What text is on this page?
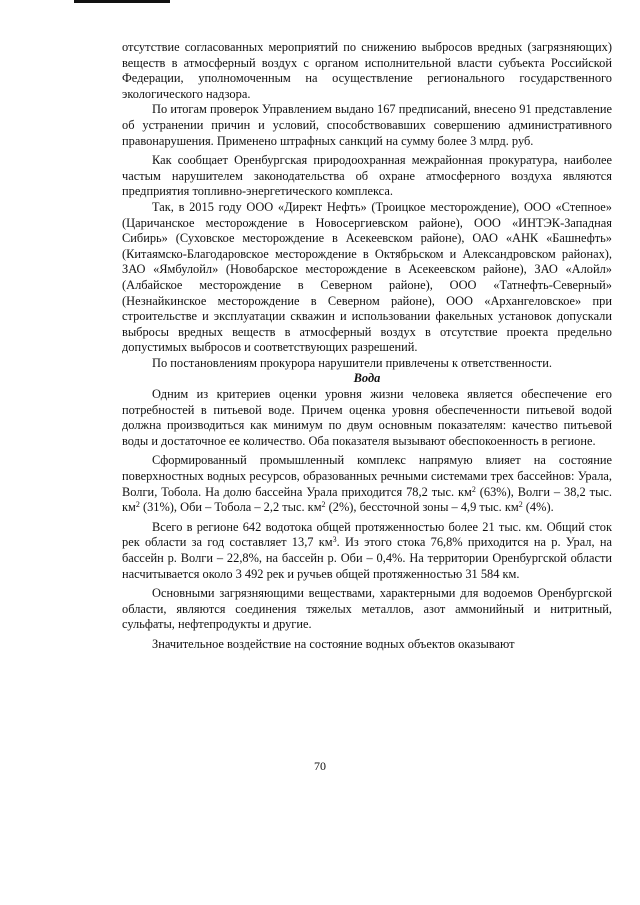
отсутствие согласованных мероприятий по снижению выбросов вредных (загрязняющих) веществ в атмосферный воздух с органом исполнительной власти субъекта Российской Федерации, уполномоченным на осуществление регионального государственного экологического надзора.

По итогам проверок Управлением выдано 167 предписаний, внесено 91 представление об устранении причин и условий, способствовавших совершению административного правонарушения. Применено штрафных санкций на сумму более 3 млрд. руб.

Как сообщает Оренбургская природоохранная межрайонная прокуратура, наиболее частым нарушителем законодательства об охране атмосферного воздуха являются предприятия топливно-энергетического комплекса.

Так, в 2015 году ООО «Директ Нефть» (Троицкое месторождение), ООО «Степное» (Царичанское месторождение в Новосергиевском районе), ООО «ИНТЭК-Западная Сибирь» (Суховское месторождение в Асекеевском районе), ОАО «АНК «Башнефть» (Китаямско-Благодаровское месторождение в Октябрьском и Александровском районах), ЗАО «Ямбулойл» (Новобарское месторождение в Асекеевском районе), ЗАО «Алойл» (Албайское месторождение в Северном районе), ООО «Татнефть-Северный» (Незнайкинское месторождение в Северном районе), ООО «Архангеловское» при строительстве и эксплуатации скважин и использовании факельных установок допускали выбросы вредных веществ в атмосферный воздух в отсутствие проекта предельно допустимых выбросов и соответствующих разрешений.

По постановлениям прокурора нарушители привлечены к ответственности.

Вода

Одним из критериев оценки уровня жизни человека является обеспечение его потребностей в питьевой воде. Причем оценка уровня обеспеченности питьевой водой должна производиться как минимум по двум основным показателям: качество питьевой воды и достаточное ее количество. Оба показателя вызывают обеспокоенность в регионе.

Сформированный промышленный комплекс напрямую влияет на состояние поверхностных водных ресурсов, образованных речными системами трех бассейнов: Урала, Волги, Тобола. На долю бассейна Урала приходится 78,2 тыс. $км^2$ (63%), Волги – 38,2 тыс. $км^2$ (31%), Оби – Тобола – 2,2 тыс. $км^2$ (2%), бессточной зоны – 4,9 тыс. $км^2$ (4%).

Всего в регионе 642 водотока общей протяженностью более 21 тыс. км. Общий сток рек области за год составляет 13,7 $км^3$. Из этого стока 76,8% приходится на р. Урал, на бассейн р. Волги – 22,8%, на бассейн р. Оби – 0,4%. На территории Оренбургской области насчитывается около 3 492 рек и ручьев общей протяженностью 31 584 км.

Основными загрязняющими веществами, характерными для водоемов Оренбургской области, являются соединения тяжелых металлов, азот аммонийный и нитритный, сульфаты, нефтепродукты и другие.

Значительное воздействие на состояние водных объектов оказывают

70
